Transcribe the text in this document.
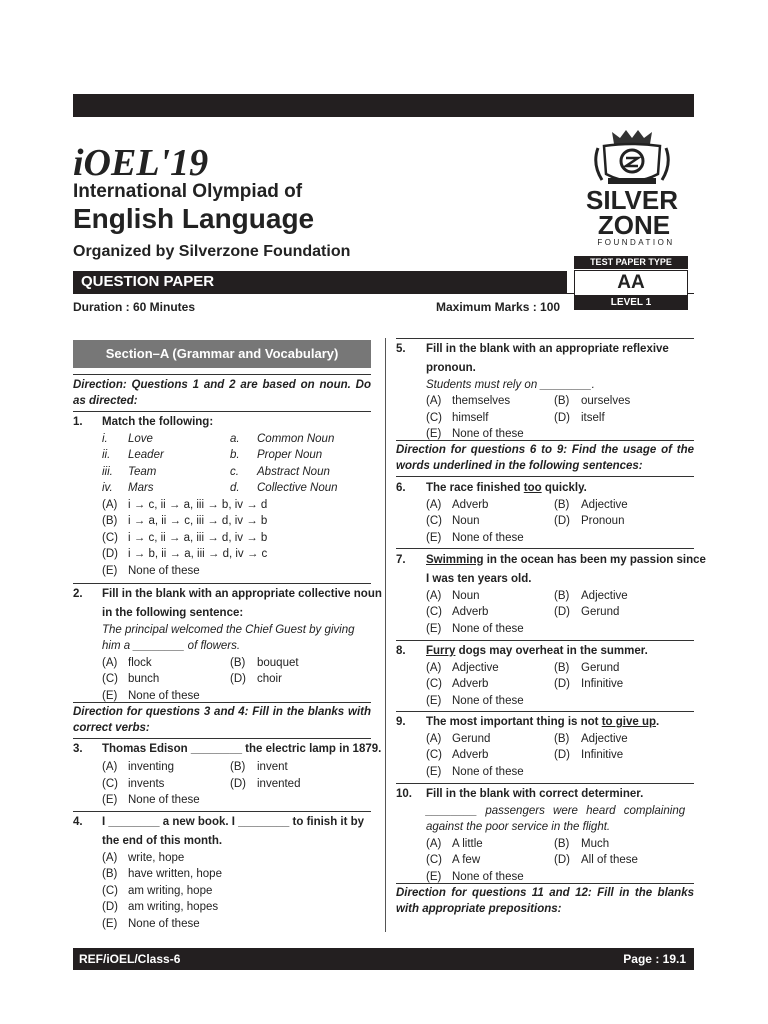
iOEL'19
International Olympiad of
English Language
Organized by Silverzone Foundation
QUESTION PAPER
Duration : 60 Minutes	Maximum Marks : 100
SILVER
ZONE
FOUNDATION
TEST PAPER TYPE
AA
LEVEL 1
Section–A (Grammar and Vocabulary)
Direction: Questions 1 and 2 are based on noun. Do as directed:
1. Match the following:
i. Love	a. Common Noun
ii. Leader	b. Proper Noun
iii. Team	c. Abstract Noun
iv. Mars	d. Collective Noun
(A) i → c, ii → a, iii → b, iv → d
(B) i → a, ii → c, iii → d, iv → b
(C) i → c, ii → a, iii → d, iv → b
(D) i → b, ii → a, iii → d, iv → c
(E) None of these
2. Fill in the blank with an appropriate collective noun
in the following sentence:
The principal welcomed the Chief Guest by giving
him a ________ of flowers.
(A) flock	(B) bouquet
(C) bunch	(D) choir
(E) None of these
Direction for questions 3 and 4: Fill in the blanks with correct verbs:
3. Thomas Edison ________ the electric lamp in 1879.
(A) inventing	(B) invent
(C) invents	(D) invented
(E) None of these
4. I ________ a new book. I ________ to finish it by
the end of this month.
(A) write, hope
(B) have written, hope
(C) am writing, hope
(D) am writing, hopes
(E) None of these
5. Fill in the blank with an appropriate reflexive
pronoun.
Students must rely on ________.
(A) themselves	(B) ourselves
(C) himself	(D) itself
(E) None of these
Direction for questions 6 to 9: Find the usage of the words underlined in the following sentences:
6. The race finished too quickly.
(A) Adverb	(B) Adjective
(C) Noun	(D) Pronoun
(E) None of these
7. Swimming in the ocean has been my passion since
I was ten years old.
(A) Noun	(B) Adjective
(C) Adverb	(D) Gerund
(E) None of these
8. Furry dogs may overheat in the summer.
(A) Adjective	(B) Gerund
(C) Adverb	(D) Infinitive
(E) None of these
9. The most important thing is not to give up.
(A) Gerund	(B) Adjective
(C) Adverb	(D) Infinitive
(E) None of these
10. Fill in the blank with correct determiner.
________ passengers were heard complaining
against the poor service in the flight.
(A) A little	(B) Much
(C) A few	(D) All of these
(E) None of these
Direction for questions 11 and 12: Fill in the blanks with appropriate prepositions:
REF/iOEL/Class-6	Page : 19.1
